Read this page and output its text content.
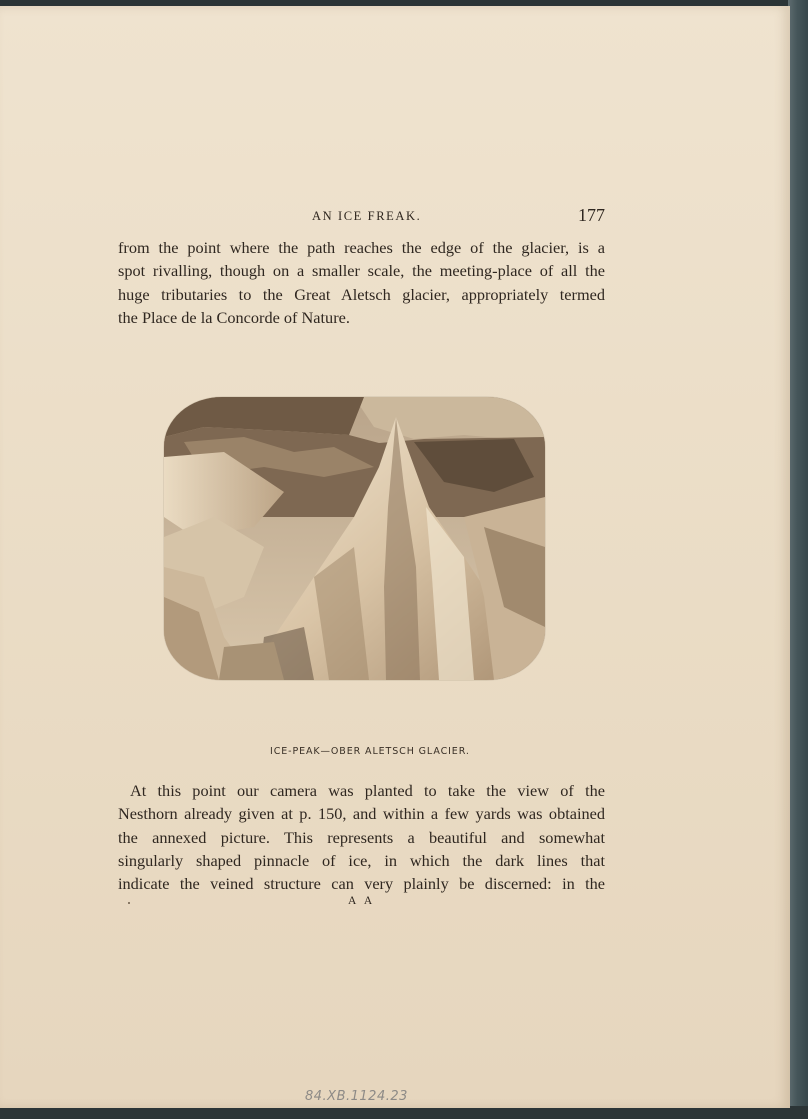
AN ICE FREAK.	177

from the point where the path reaches the edge of the glacier, is a
spot rivalling, though on a smaller scale, the meeting-place of all the
huge tributaries to the Great Aletsch glacier, appropriately termed
the Place de la Concorde of Nature.

ICE-PEAK—OBER ALETSCH GLACIER.

At this point our camera was planted to take the view of the
Nesthorn already given at p. 150, and within a few yards was obtained
the annexed picture. This represents a beautiful and somewhat
singularly shaped pinnacle of ice, in which the dark lines that
indicate the veined structure can very plainly be discerned: in the

A A
84.XB.1124.23
